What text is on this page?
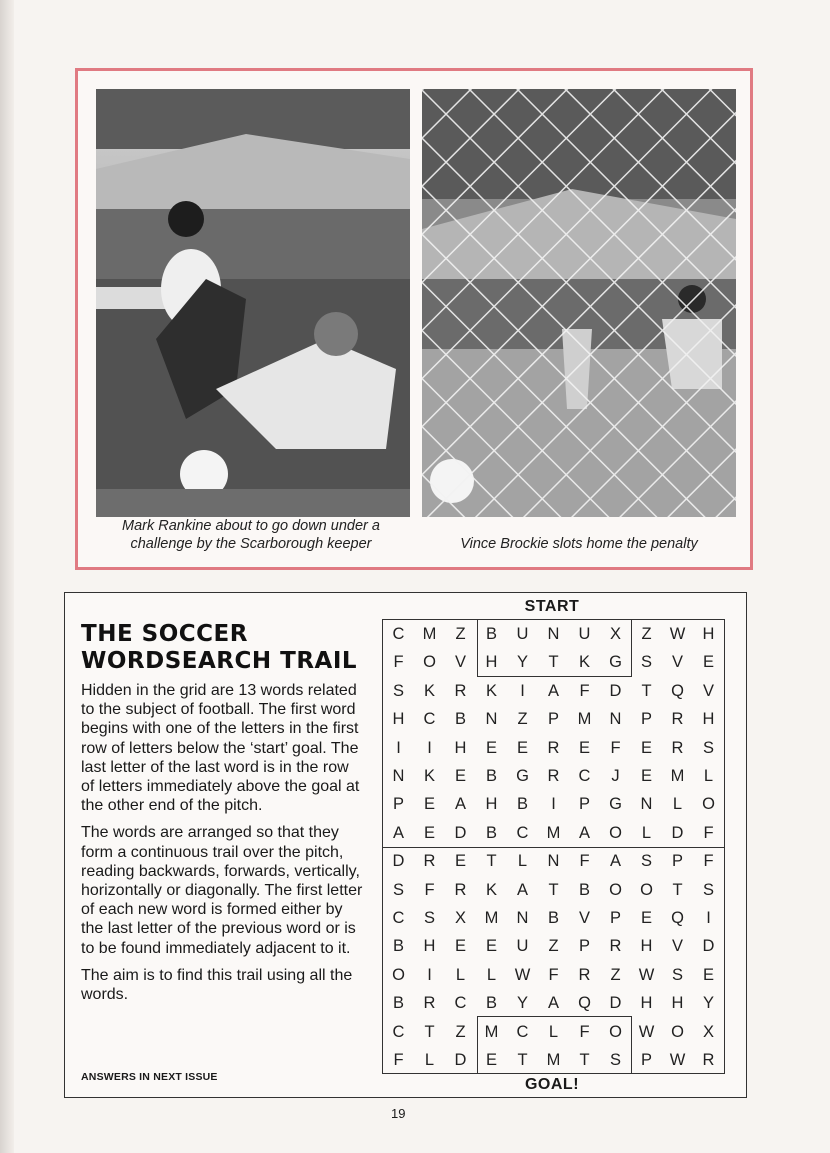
Mark Rankine about to go down under a
challenge by the Scarborough keeper	Vince Brockie slots home the penalty
THE SOCCER
WORDSEARCH TRAIL

Hidden in the grid are 13 words related to the subject of football. The first word begins with one of the letters in the first row of letters below the ‘start’ goal. The last letter of the last word is in the row of letters immediately above the goal at the other end of the pitch.

The words are arranged so that they form a continuous trail over the pitch, reading backwards, forwards, vertically, horizontally or diagonally. The first letter of each new word is formed either by the last letter of the previous word or is to be found immediately adjacent to it.

The aim is to find this trail using all the words.

ANSWERS IN NEXT ISSUE
START
C	M	Z	B	U	N	U	X	Z	W	H
F	O	V	H	Y	T	K	G	S	V	E
S	K	R	K	I	A	F	D	T	Q	V
H	C	B	N	Z	P	M	N	P	R	H
I	I	H	E	E	R	E	F	E	R	S
N	K	E	B	G	R	C	J	E	M	L
P	E	A	H	B	I	P	G	N	L	O
A	E	D	B	C	M	A	O	L	D	F
D	R	E	T	L	N	F	A	S	P	F
S	F	R	K	A	T	B	O	O	T	S
C	S	X	M	N	B	V	P	E	Q	I
B	H	E	E	U	Z	P	R	H	V	D
O	I	L	L	W	F	R	Z	W	S	E
B	R	C	B	Y	A	Q	D	H	H	Y
C	T	Z	M	C	L	F	O	W	O	X
F	L	D	E	T	M	T	S	P	W	R
GOAL!
19
